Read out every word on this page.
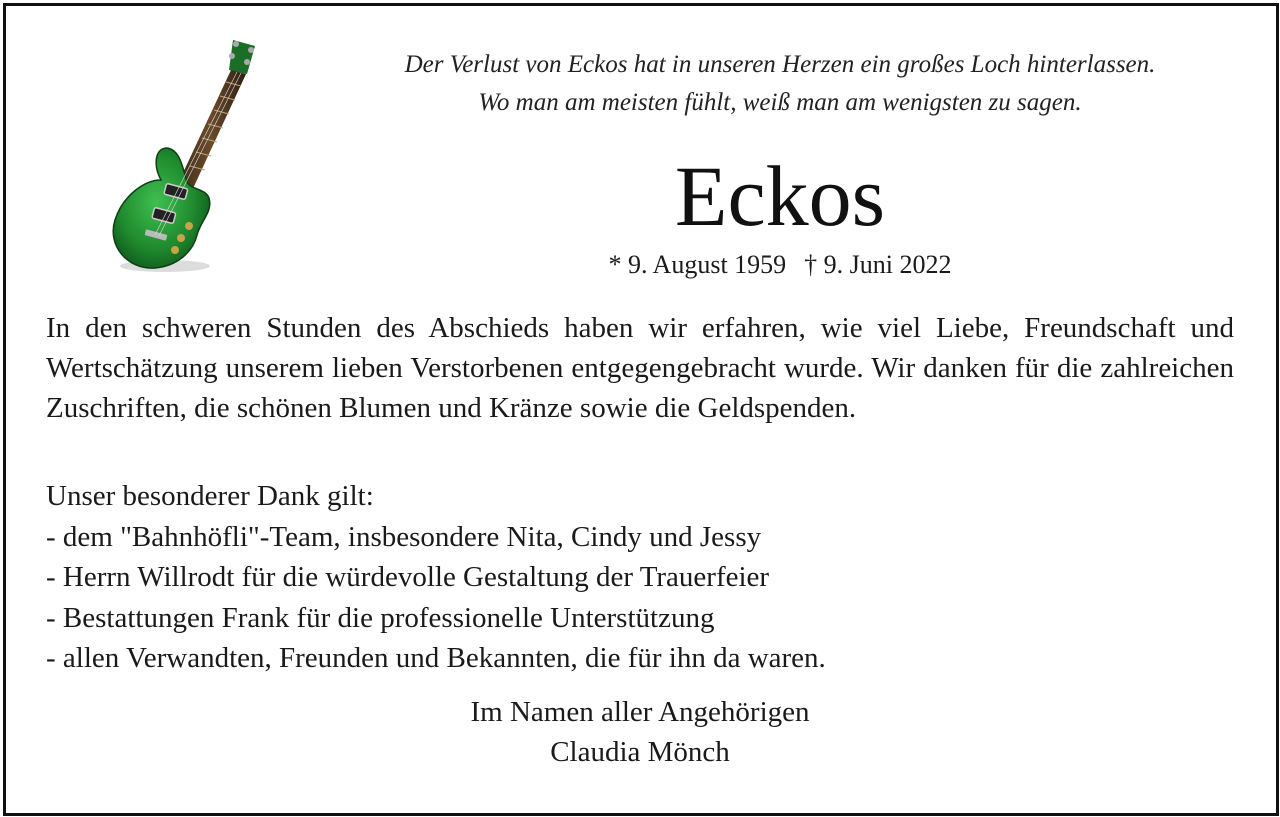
Der Verlust von Eckos hat in unseren Herzen ein großes Loch hinterlassen.
Wo man am meisten fühlt, weiß man am wenigsten zu sagen.
Eckos
* 9. August 1959 † 9. Juni 2022
In den schweren Stunden des Abschieds haben wir erfahren, wie viel Liebe, Freundschaft und Wertschätzung unserem lieben Verstorbenen entgegengebracht wurde. Wir danken für die zahlreichen Zuschriften, die schönen Blumen und Kränze sowie die Geldspenden.
Unser besonderer Dank gilt:
- dem "Bahnhöfli"-Team, insbesondere Nita, Cindy und Jessy
- Herrn Willrodt für die würdevolle Gestaltung der Trauerfeier
- Bestattungen Frank für die professionelle Unterstützung
- allen Verwandten, Freunden und Bekannten, die für ihn da waren.
Im Namen aller Angehörigen
Claudia Mönch
